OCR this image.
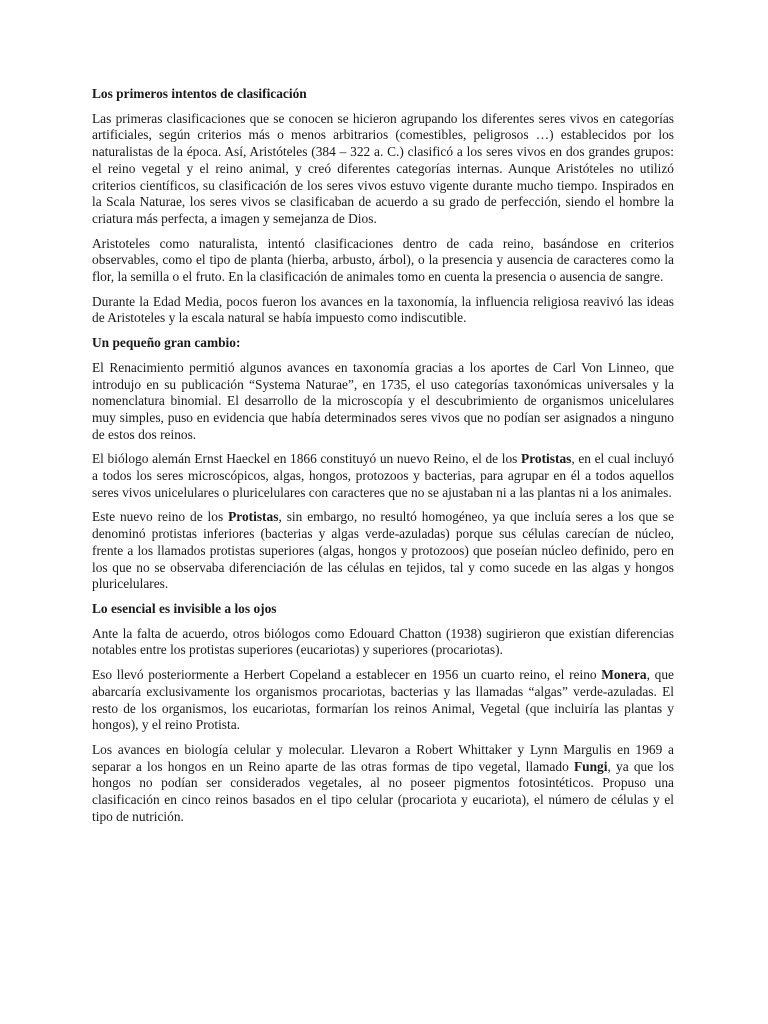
Los primeros intentos de clasificación

Las primeras clasificaciones que se conocen se hicieron agrupando los diferentes seres vivos en categorías artificiales, según criterios más o menos arbitrarios (comestibles, peligrosos …) establecidos por los naturalistas de la época. Así, Aristóteles (384 – 322 a. C.) clasificó a los seres vivos en dos grandes grupos: el reino vegetal y el reino animal, y creó diferentes categorías internas. Aunque Aristóteles no utilizó criterios científicos, su clasificación de los seres vivos estuvo vigente durante mucho tiempo. Inspirados en la Scala Naturae, los seres vivos se clasificaban de acuerdo a su grado de perfección, siendo el hombre la criatura más perfecta, a imagen y semejanza de Dios.

Aristoteles como naturalista, intentó clasificaciones dentro de cada reino, basándose en criterios observables, como el tipo de planta (hierba, arbusto, árbol), o la presencia y ausencia de caracteres como la flor, la semilla o el fruto. En la clasificación de animales tomo en cuenta la presencia o ausencia de sangre.

Durante la Edad Media, pocos fueron los avances en la taxonomía, la influencia religiosa reavivó las ideas de Aristoteles y la escala natural se había impuesto como indiscutible.

Un pequeño gran cambio:

El Renacimiento permitió algunos avances en taxonomía gracias a los aportes de Carl Von Linneo, que introdujo en su publicación “Systema Naturae”, en 1735, el uso categorías taxonómicas universales y la nomenclatura binomial. El desarrollo de la microscopía y el descubrimiento de organismos unicelulares muy simples, puso en evidencia que había determinados seres vivos que no podían ser asignados a ninguno de estos dos reinos.

El biólogo alemán Ernst Haeckel en 1866 constituyó un nuevo Reino, el de los Protistas, en el cual incluyó a todos los seres microscópicos, algas, hongos, protozoos y bacterias, para agrupar en él a todos aquellos seres vivos unicelulares o pluricelulares con caracteres que no se ajustaban ni a las plantas ni a los animales.

Este nuevo reino de los Protistas, sin embargo, no resultó homogéneo, ya que incluía seres a los que se denominó protistas inferiores (bacterias y algas verde-azuladas) porque sus células carecían de núcleo, frente a los llamados protistas superiores (algas, hongos y protozoos) que poseían núcleo definido, pero en los que no se observaba diferenciación de las células en tejidos, tal y como sucede en las algas y hongos pluricelulares.

Lo esencial es invisible a los ojos

Ante la falta de acuerdo, otros biólogos como Edouard Chatton (1938) sugirieron que existían diferencias notables entre los protistas superiores (eucariotas) y superiores (procariotas).

Eso llevó posteriormente a Herbert Copeland a establecer en 1956 un cuarto reino, el reino Monera, que abarcaría exclusivamente los organismos procariotas, bacterias y las llamadas “algas” verde-azuladas. El resto de los organismos, los eucariotas, formarían los reinos Animal, Vegetal (que incluiría las plantas y hongos), y el reino Protista.

Los avances en biología celular y molecular. Llevaron a Robert Whittaker y Lynn Margulis en 1969 a separar a los hongos en un Reino aparte de las otras formas de tipo vegetal, llamado Fungi, ya que los hongos no podían ser considerados vegetales, al no poseer pigmentos fotosintéticos. Propuso una clasificación en cinco reinos basados en el tipo celular (procariota y eucariota), el número de células y el tipo de nutrición.
